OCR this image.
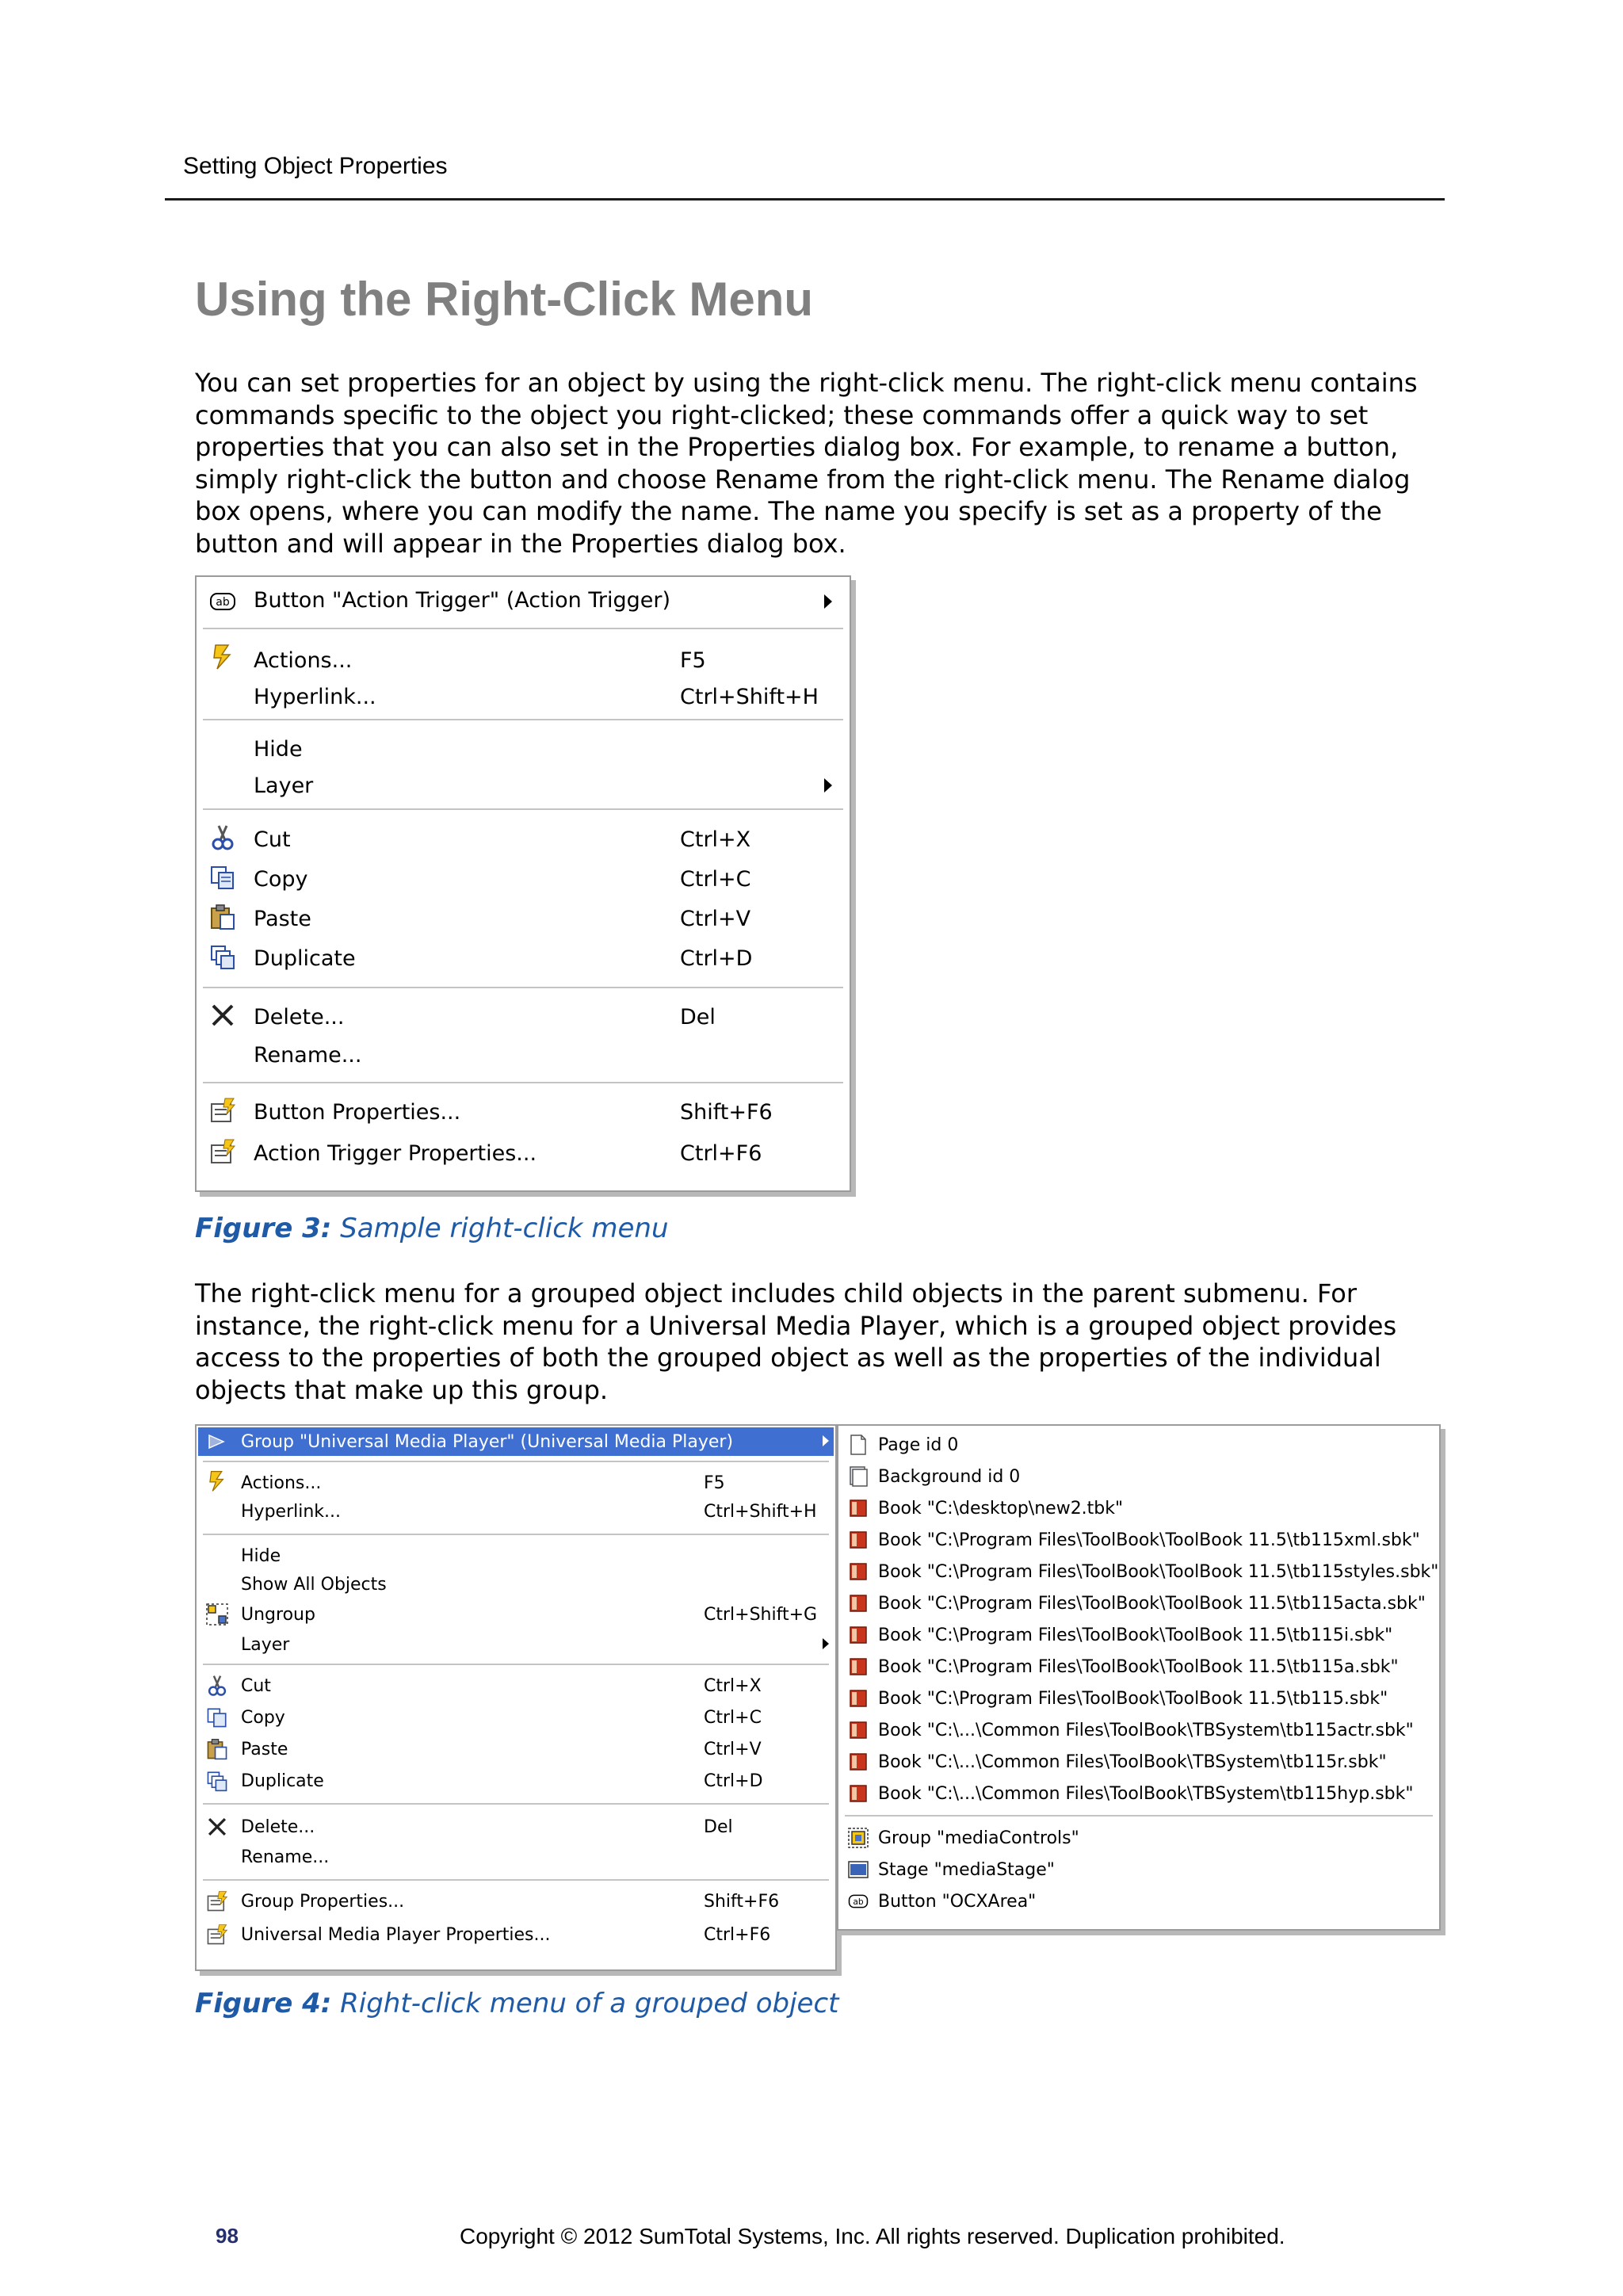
Setting Object Properties
Using the Right-Click Menu
You can set properties for an object by using the right-click menu. The right-click menu contains
commands specific to the object you right-clicked; these commands offer a quick way to set
properties that you can also set in the Properties dialog box. For example, to rename a button,
simply right-click the button and choose Rename from the right-click menu. The Rename dialog
box opens, where you can modify the name. The name you specify is set as a property of the
button and will appear in the Properties dialog box.
ab Button "Action Trigger" (Action Trigger)
Actions...	F5
Hyperlink...	Ctrl+Shift+H
Hide
Layer
Cut	Ctrl+X
Copy	Ctrl+C
Paste	Ctrl+V
Duplicate	Ctrl+D
Delete...	Del
Rename...
Button Properties...	Shift+F6
Action Trigger Properties...	Ctrl+F6
Figure 3: Sample right-click menu
The right-click menu for a grouped object includes child objects in the parent submenu. For
instance, the right-click menu for a Universal Media Player, which is a grouped object provides
access to the properties of both the grouped object as well as the properties of the individual
objects that make up this group.
Group "Universal Media Player" (Universal Media Player)
Actions...	F5
Hyperlink...	Ctrl+Shift+H
Hide
Show All Objects
Ungroup	Ctrl+Shift+G
Layer
Cut	Ctrl+X
Copy	Ctrl+C
Paste	Ctrl+V
Duplicate	Ctrl+D
Delete...	Del
Rename...
Group Properties...	Shift+F6
Universal Media Player Properties...	Ctrl+F6
Page id 0
Background id 0
Book "C:\desktop\new2.tbk"
Book "C:\Program Files\ToolBook\ToolBook 11.5\tb115xml.sbk"
Book "C:\Program Files\ToolBook\ToolBook 11.5\tb115styles.sbk"
Book "C:\Program Files\ToolBook\ToolBook 11.5\tb115acta.sbk"
Book "C:\Program Files\ToolBook\ToolBook 11.5\tb115i.sbk"
Book "C:\Program Files\ToolBook\ToolBook 11.5\tb115a.sbk"
Book "C:\Program Files\ToolBook\ToolBook 11.5\tb115.sbk"
Book "C:\...\Common Files\ToolBook\TBSystem\tb115actr.sbk"
Book "C:\...\Common Files\ToolBook\TBSystem\tb115r.sbk"
Book "C:\...\Common Files\ToolBook\TBSystem\tb115hyp.sbk"
Group "mediaControls"
Stage "mediaStage"
ab Button "OCXArea"
Figure 4: Right-click menu of a grouped object
98	Copyright © 2012 SumTotal Systems, Inc. All rights reserved. Duplication prohibited.
